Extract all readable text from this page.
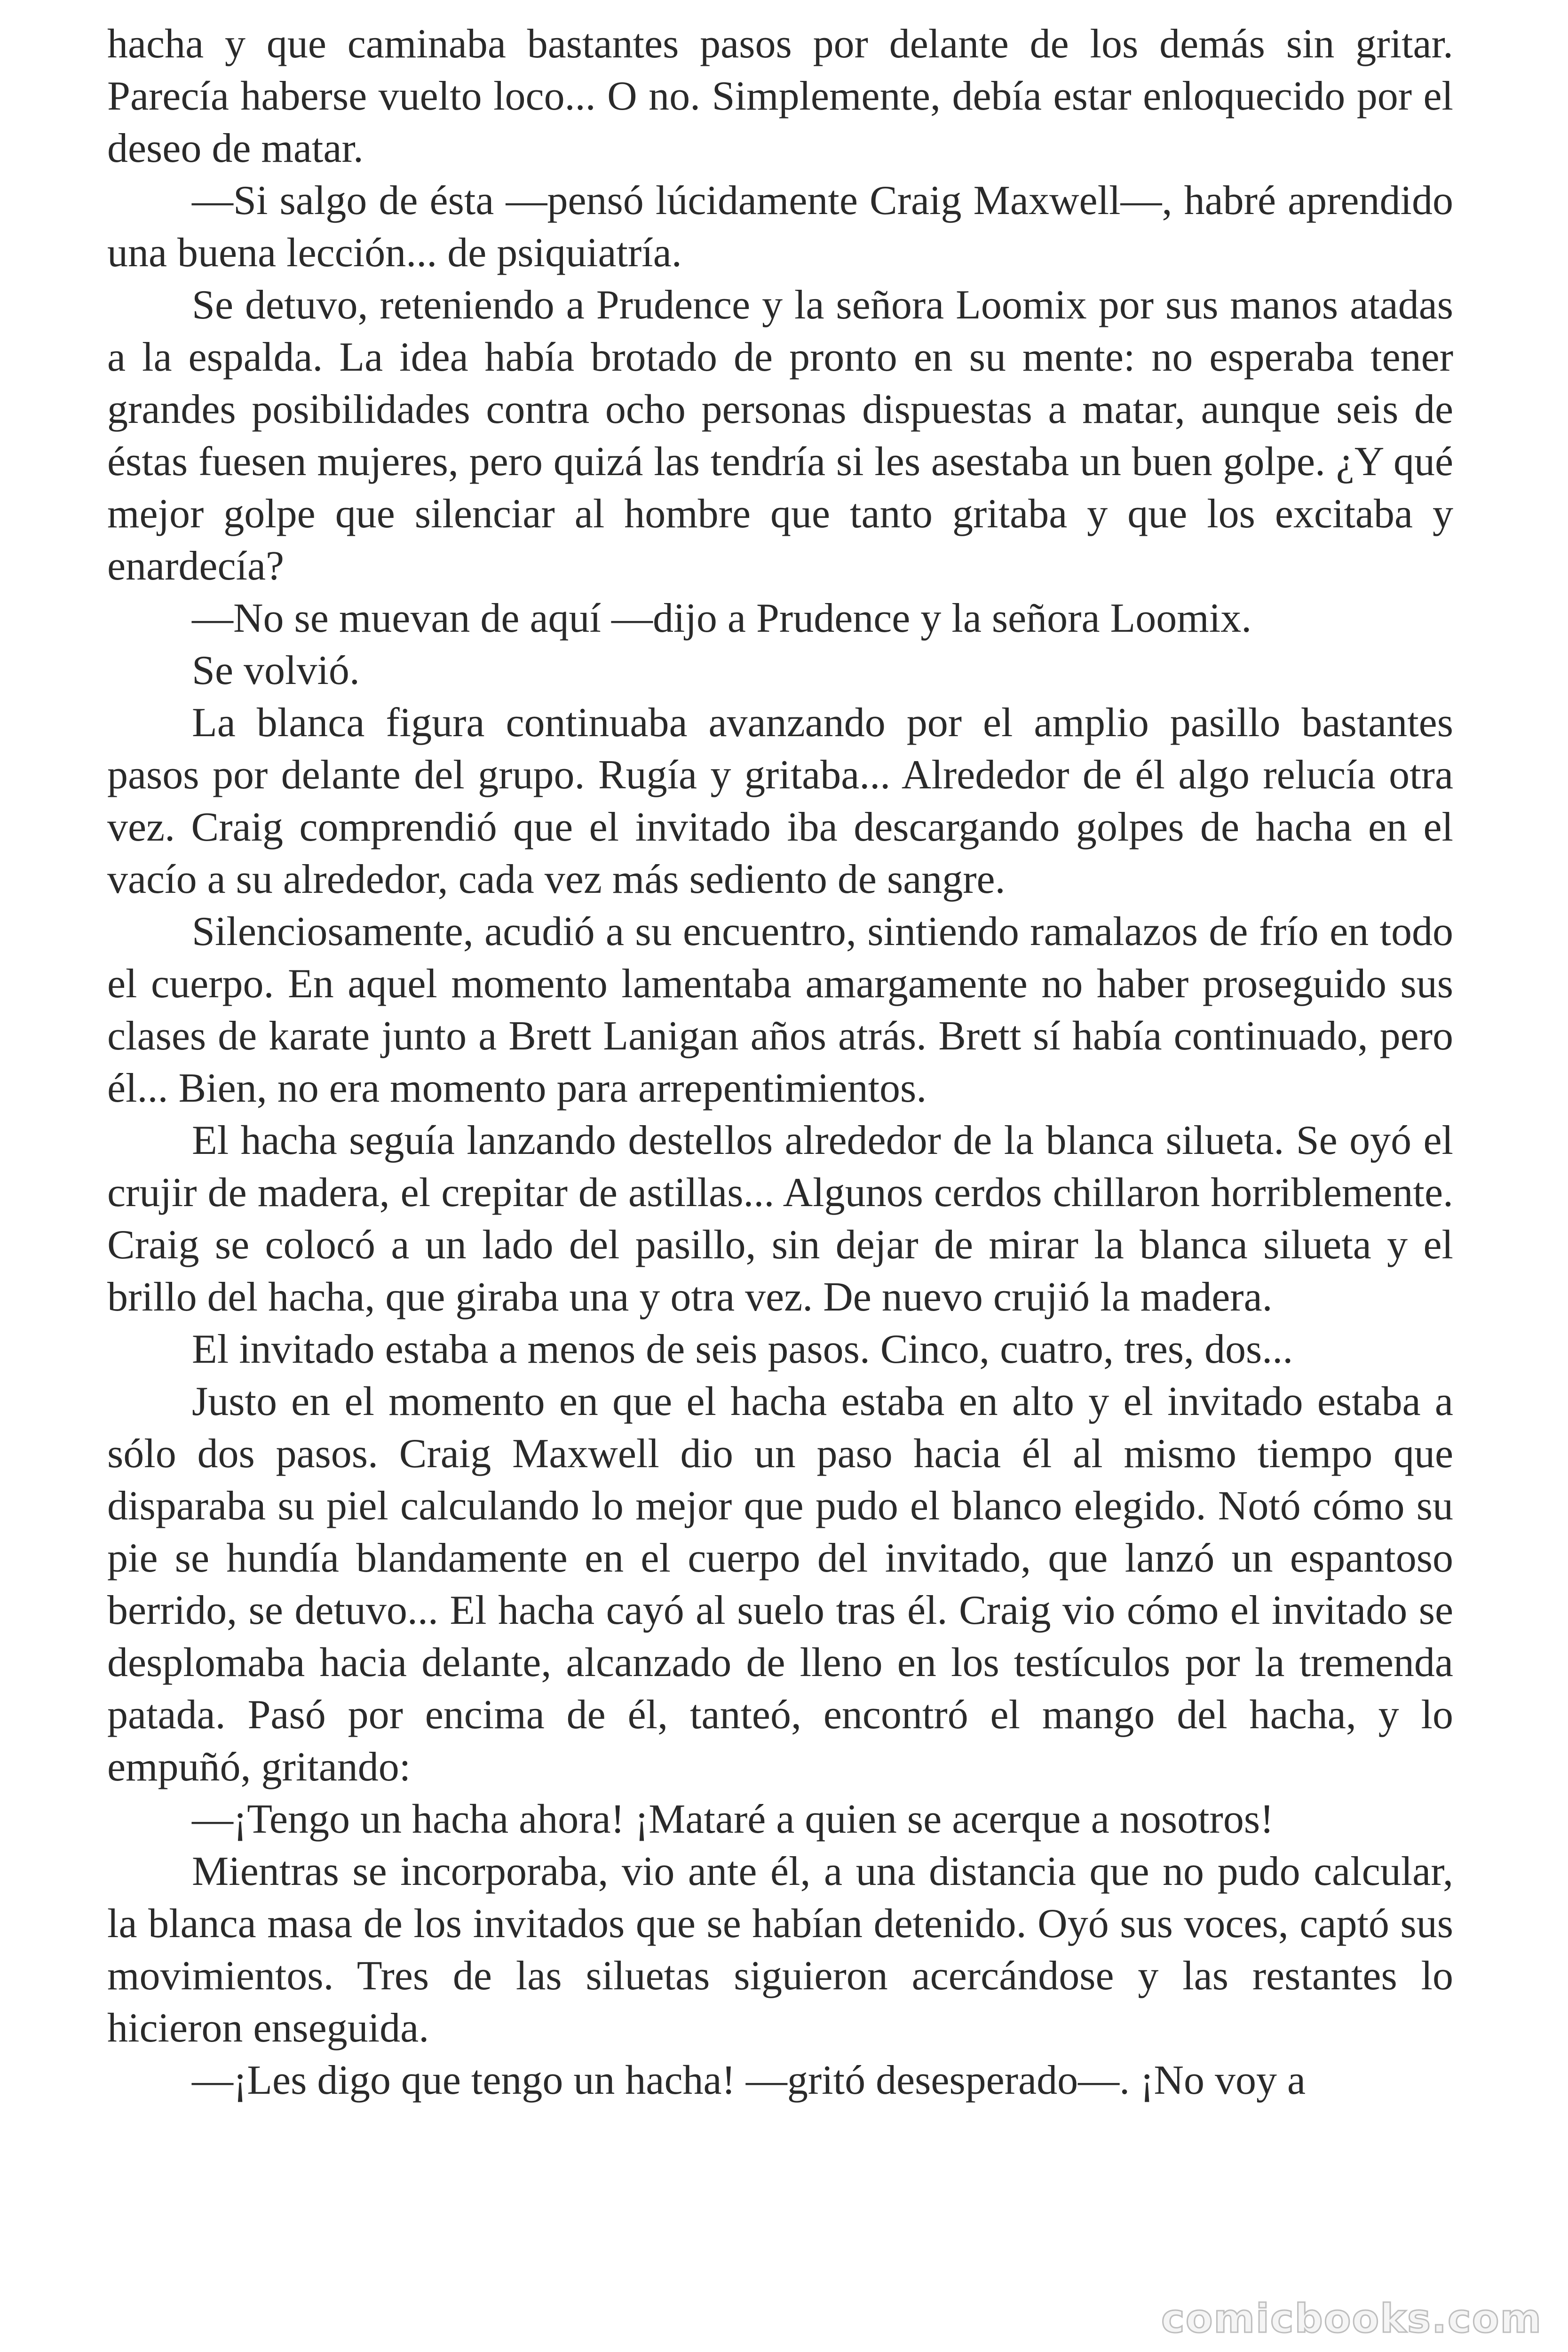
hacha y que caminaba bastantes pasos por delante de los demás sin gritar. Parecía haberse vuelto loco... O no. Simplemente, debía estar enloquecido por el deseo de matar.

—Si salgo de ésta —pensó lúcidamente Craig Maxwell—, habré aprendido una buena lección... de psiquiatría.

Se detuvo, reteniendo a Prudence y la señora Loomix por sus manos atadas a la espalda. La idea había brotado de pronto en su mente: no esperaba tener grandes posibilidades contra ocho personas dispuestas a matar, aunque seis de éstas fuesen mujeres, pero quizá las tendría si les asestaba un buen golpe. ¿Y qué mejor golpe que silenciar al hombre que tanto gritaba y que los excitaba y enardecía?

—No se muevan de aquí —dijo a Prudence y la señora Loomix.

Se volvió.

La blanca figura continuaba avanzando por el amplio pasillo bastantes pasos por delante del grupo. Rugía y gritaba... Alrededor de él algo relucía otra vez. Craig comprendió que el invitado iba descargando golpes de hacha en el vacío a su alrededor, cada vez más sediento de sangre.

Silenciosamente, acudió a su encuentro, sintiendo ramalazos de frío en todo el cuerpo. En aquel momento lamentaba amargamente no haber proseguido sus clases de karate junto a Brett Lanigan años atrás. Brett sí había continuado, pero él... Bien, no era momento para arrepentimientos.

El hacha seguía lanzando destellos alrededor de la blanca silueta. Se oyó el crujir de madera, el crepitar de astillas... Algunos cerdos chillaron horriblemente. Craig se colocó a un lado del pasillo, sin dejar de mirar la blanca silueta y el brillo del hacha, que giraba una y otra vez. De nuevo crujió la madera.

El invitado estaba a menos de seis pasos. Cinco, cuatro, tres, dos...

Justo en el momento en que el hacha estaba en alto y el invitado estaba a sólo dos pasos. Craig Maxwell dio un paso hacia él al mismo tiempo que disparaba su piel calculando lo mejor que pudo el blanco elegido. Notó cómo su pie se hundía blandamente en el cuerpo del invitado, que lanzó un espantoso berrido, se detuvo... El hacha cayó al suelo tras él. Craig vio cómo el invitado se desplomaba hacia delante, alcanzado de lleno en los testículos por la tremenda patada. Pasó por encima de él, tanteó, encontró el mango del hacha, y lo empuñó, gritando:

—¡Tengo un hacha ahora! ¡Mataré a quien se acerque a nosotros!

Mientras se incorporaba, vio ante él, a una distancia que no pudo calcular, la blanca masa de los invitados que se habían detenido. Oyó sus voces, captó sus movimientos. Tres de las siluetas siguieron acercándose y las restantes lo hicieron enseguida.

—¡Les digo que tengo un hacha! —gritó desesperado—. ¡No voy a

comicbooks.com
